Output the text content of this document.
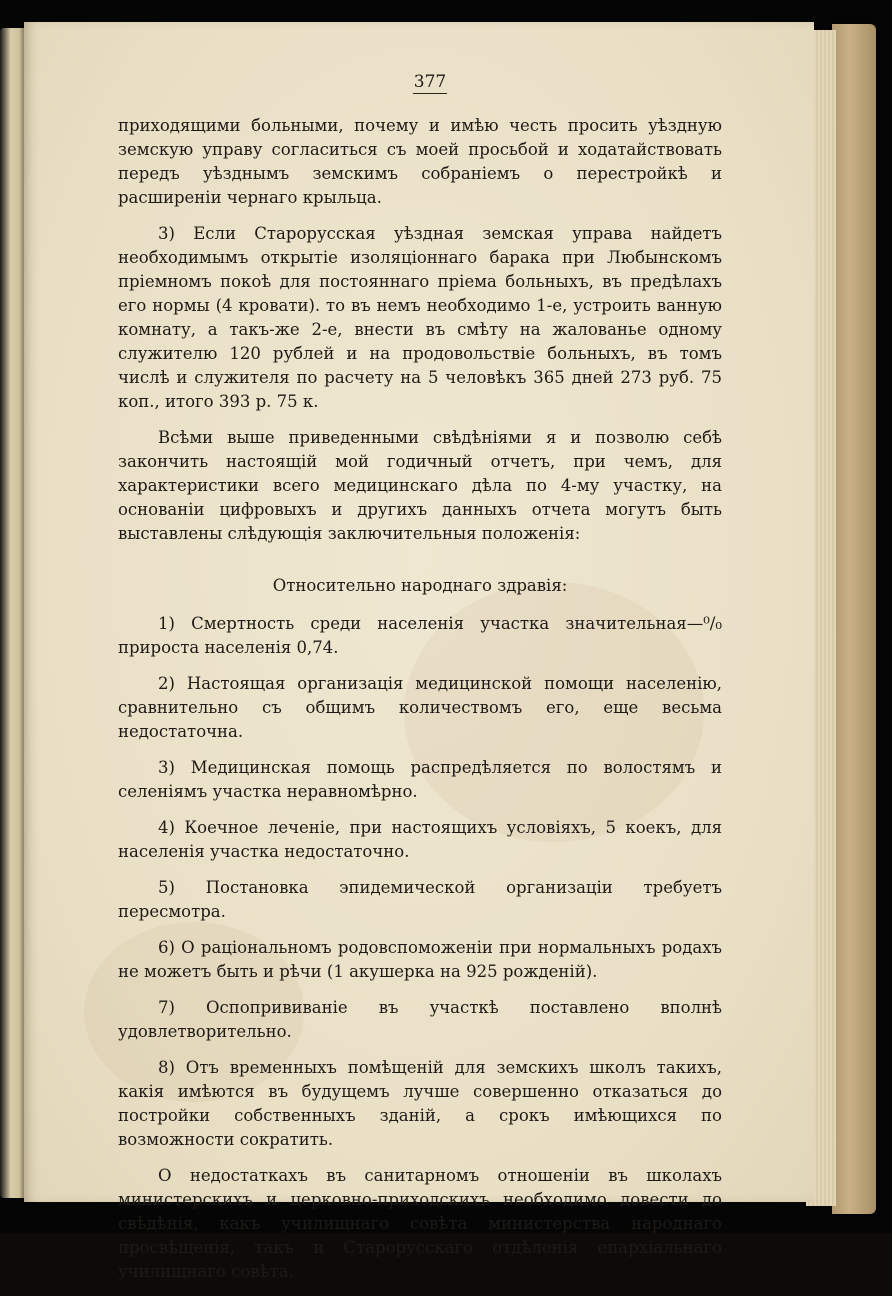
377

приходящими больными, почему и имѣю честь просить уѣздную земскую управу согласиться съ моей просьбой и ходатайствовать передъ уѣзднымъ земскимъ собраніемъ о перестройкѣ и расширеніи чернаго крыльца.

3) Если Старорусская уѣздная земская управа найдетъ необходимымъ открытіе изоляціоннаго барака при Любынскомъ пріемномъ покоѣ для постояннаго пріема больныхъ, въ предѣлахъ его нормы (4 кровати). то въ немъ необходимо 1-е, устроить ванную комнату, а такъ-же 2-е, внести въ смѣту на жалованье одному служителю 120 рублей и на продовольствіе больныхъ, въ томъ числѣ и служителя по расчету на 5 человѣкъ 365 дней 273 руб. 75 коп., итого 393 р. 75 к.

Всѣми выше приведенными свѣдѣніями я и позволю себѣ закончить настоящій мой годичный отчетъ, при чемъ, для характеристики всего медицинскаго дѣла по 4-му участку, на основаніи цифровыхъ и другихъ данныхъ отчета могутъ быть выставлены слѣдующія заключительныя положенія:

Относительно народнаго здравія:

1) Смертность среди населенія участка значительная—⁰/₀ прироста населенія 0,74.

2) Настоящая организація медицинской помощи населенію, сравнительно съ общимъ количествомъ его, еще весьма недостаточна.

3) Медицинская помощь распредѣляется по волостямъ и селеніямъ участка неравномѣрно.

4) Коечное леченіе, при настоящихъ условіяхъ, 5 коекъ, для населенія участка недостаточно.

5) Постановка эпидемической организаціи требуетъ пересмотра.

6) О раціональномъ родовспоможеніи при нормальныхъ родахъ не можетъ быть и рѣчи (1 акушерка на 925 рожденій).

7) Оспопрививаніе въ участкѣ поставлено вполнѣ удовлетворительно.

8) Отъ временныхъ помѣщеній для земскихъ школъ такихъ, какія имѣются въ будущемъ лучше совершенно отказаться до постройки собственныхъ зданій, а срокъ имѣющихся по возможности сократить.

О недостаткахъ въ санитарномъ отношеніи въ школахъ министерскихъ и церковно-приходскихъ необходимо довести до свѣдѣнія, какъ училищнаго совѣта министерства народнаго просвѣщенія, такъ и Старорусскаго отдѣленія епархіальнаго училищнаго совѣта.
